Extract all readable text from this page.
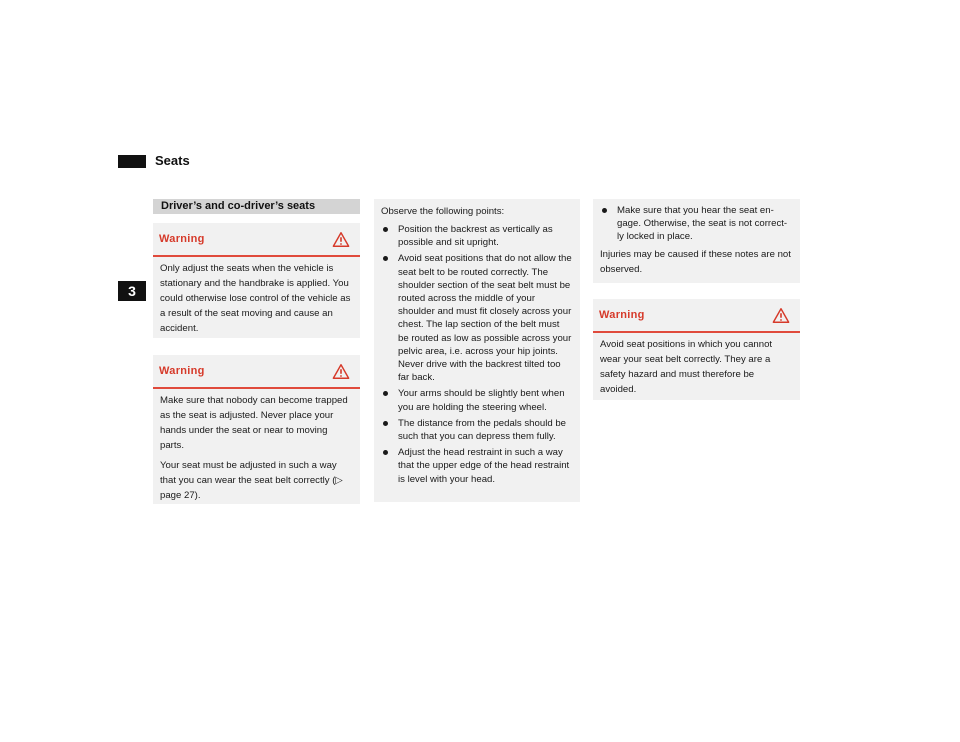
Seats
3
Driver’s and co-driver’s seats
Warning

Only adjust the seats when the vehicle is stationary and the handbrake is applied. You could otherwise lose control of the vehicle as a result of the seat moving and cause an accident.

Warning

Make sure that nobody can become trapped as the seat is adjusted. Never place your hands under the seat or near to moving parts.

Your seat must be adjusted in such a way that you can wear the seat belt correctly (▷ page 27).

Observe the following points:

Position the backrest as vertically as possible and sit upright.
Avoid seat positions that do not allow the seat belt to be routed correctly. The shoulder section of the seat belt must be routed across the middle of your shoulder and must fit closely across your chest. The lap section of the belt must be routed as low as possible across your pelvic area, i.e. across your hip joints. Never drive with the backrest tilted too far back.
Your arms should be slightly bent when you are holding the steering wheel.
The distance from the pedals should be such that you can depress them fully.
Adjust the head restraint in such a way that the upper edge of the head restraint is level with your head.
Make sure that you hear the seat en-gage. Otherwise, the seat is not correct-ly locked in place.

Injuries may be caused if these notes are not observed.

Warning

Avoid seat positions in which you cannot wear your seat belt correctly. They are a safety hazard and must therefore be avoided.
